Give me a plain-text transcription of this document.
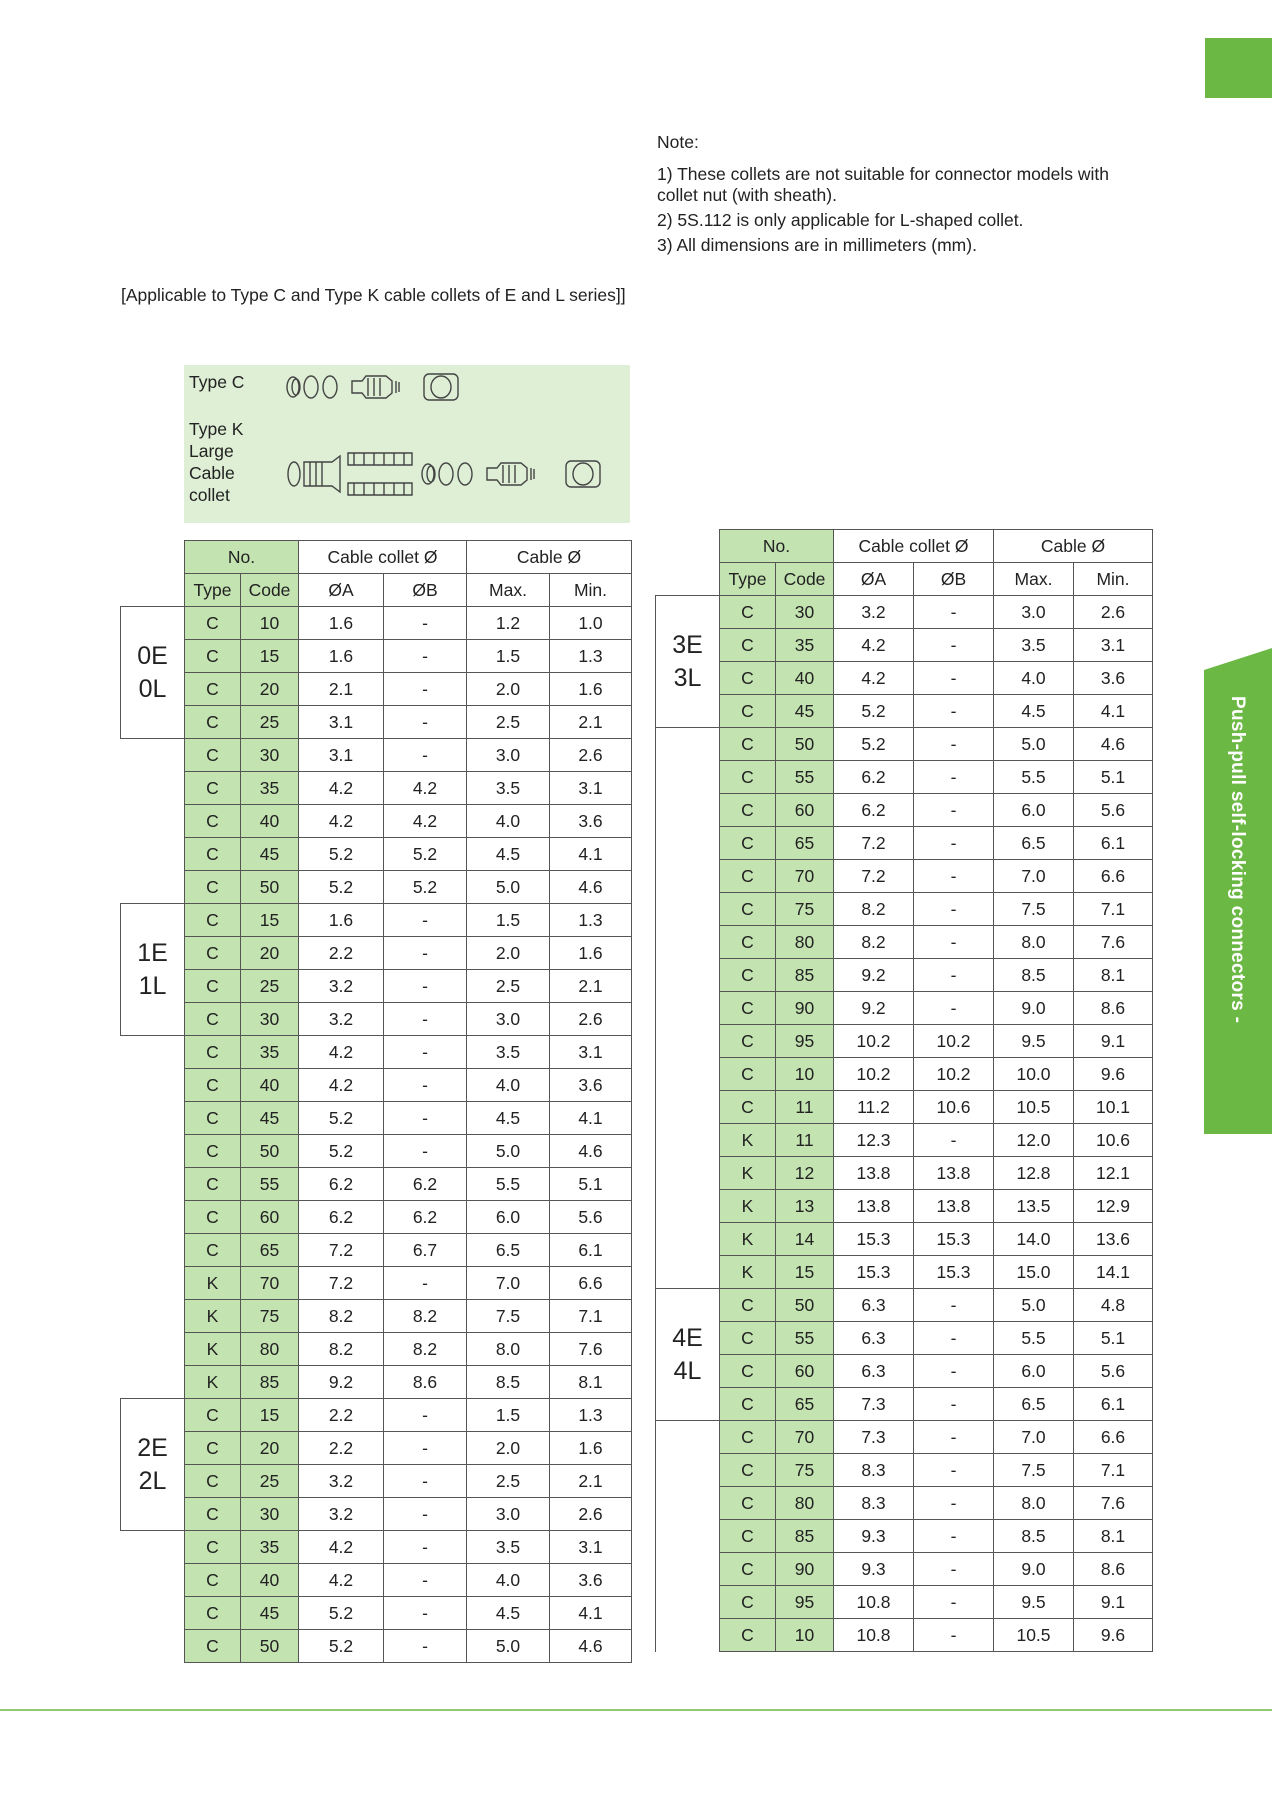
Push-pull self-locking connectors -

Note:

1) These collets are not suitable for connector models with collet nut (with sheath).

2) 5S.112 is only applicable for L-shaped collet.

3) All dimensions are in millimeters (mm).

[Applicable to Type C and Type K cable collets of E and L series]]
Type C
Type K
Large
Cable
collet
	No.		Cable collet Ø		Cable Ø	
	Type	Code	ØA	ØB	Max.	Min.

0E
0L	C	10	1.6	-	1.2	1.0
	C	15	1.6	-	1.5	1.3
	C	20	2.1	-	2.0	1.6
	C	25	3.1	-	2.5	2.1
	C	30	3.1	-	3.0	2.6
	C	35	4.2	4.2	3.5	3.1
	C	40	4.2	4.2	4.0	3.6
	C	45	5.2	5.2	4.5	4.1
	C	50	5.2	5.2	5.0	4.6

1E
1L	C	15	1.6	-	1.5	1.3
	C	20	2.2	-	2.0	1.6
	C	25	3.2	-	2.5	2.1
	C	30	3.2	-	3.0	2.6
	C	35	4.2	-	3.5	3.1
	C	40	4.2	-	4.0	3.6
	C	45	5.2	-	4.5	4.1
	C	50	5.2	-	5.0	4.6
	C	55	6.2	6.2	5.5	5.1
	C	60	6.2	6.2	6.0	5.6
	C	65	7.2	6.7	6.5	6.1
	K	70	7.2	-	7.0	6.6
	K	75	8.2	8.2	7.5	7.1
	K	80	8.2	8.2	8.0	7.6
	K	85	9.2	8.6	8.5	8.1

2E
2L	C	15	2.2	-	1.5	1.3
	C	20	2.2	-	2.0	1.6
	C	25	3.2	-	2.5	2.1
	C	30	3.2	-	3.0	2.6
	C	35	4.2	-	3.5	3.1
	C	40	4.2	-	4.0	3.6
	C	45	5.2	-	4.5	4.1
	C	50	5.2	-	5.0	4.6
	No.		Cable collet Ø		Cable Ø	
	Type	Code	ØA	ØB	Max.	Min.

3E
3L	C	30	3.2	-	3.0	2.6
	C	35	4.2	-	3.5	3.1
	C	40	4.2	-	4.0	3.6
	C	45	5.2	-	4.5	4.1
	C	50	5.2	-	5.0	4.6
	C	55	6.2	-	5.5	5.1
	C	60	6.2	-	6.0	5.6
	C	65	7.2	-	6.5	6.1
	C	70	7.2	-	7.0	6.6
	C	75	8.2	-	7.5	7.1
	C	80	8.2	-	8.0	7.6
	C	85	9.2	-	8.5	8.1
	C	90	9.2	-	9.0	8.6
	C	95	10.2	10.2	9.5	9.1
	C	10	10.2	10.2	10.0	9.6
	C	11	11.2	10.6	10.5	10.1
	K	11	12.3	-	12.0	10.6
	K	12	13.8	13.8	12.8	12.1
	K	13	13.8	13.8	13.5	12.9
	K	14	15.3	15.3	14.0	13.6
	K	15	15.3	15.3	15.0	14.1

4E
4L	C	50	6.3	-	5.0	4.8
	C	55	6.3	-	5.5	5.1
	C	60	6.3	-	6.0	5.6
	C	65	7.3	-	6.5	6.1
	C	70	7.3	-	7.0	6.6
	C	75	8.3	-	7.5	7.1
	C	80	8.3	-	8.0	7.6
	C	85	9.3	-	8.5	8.1
	C	90	9.3	-	9.0	8.6
	C	95	10.8	-	9.5	9.1
	C	10	10.8	-	10.5	9.6
